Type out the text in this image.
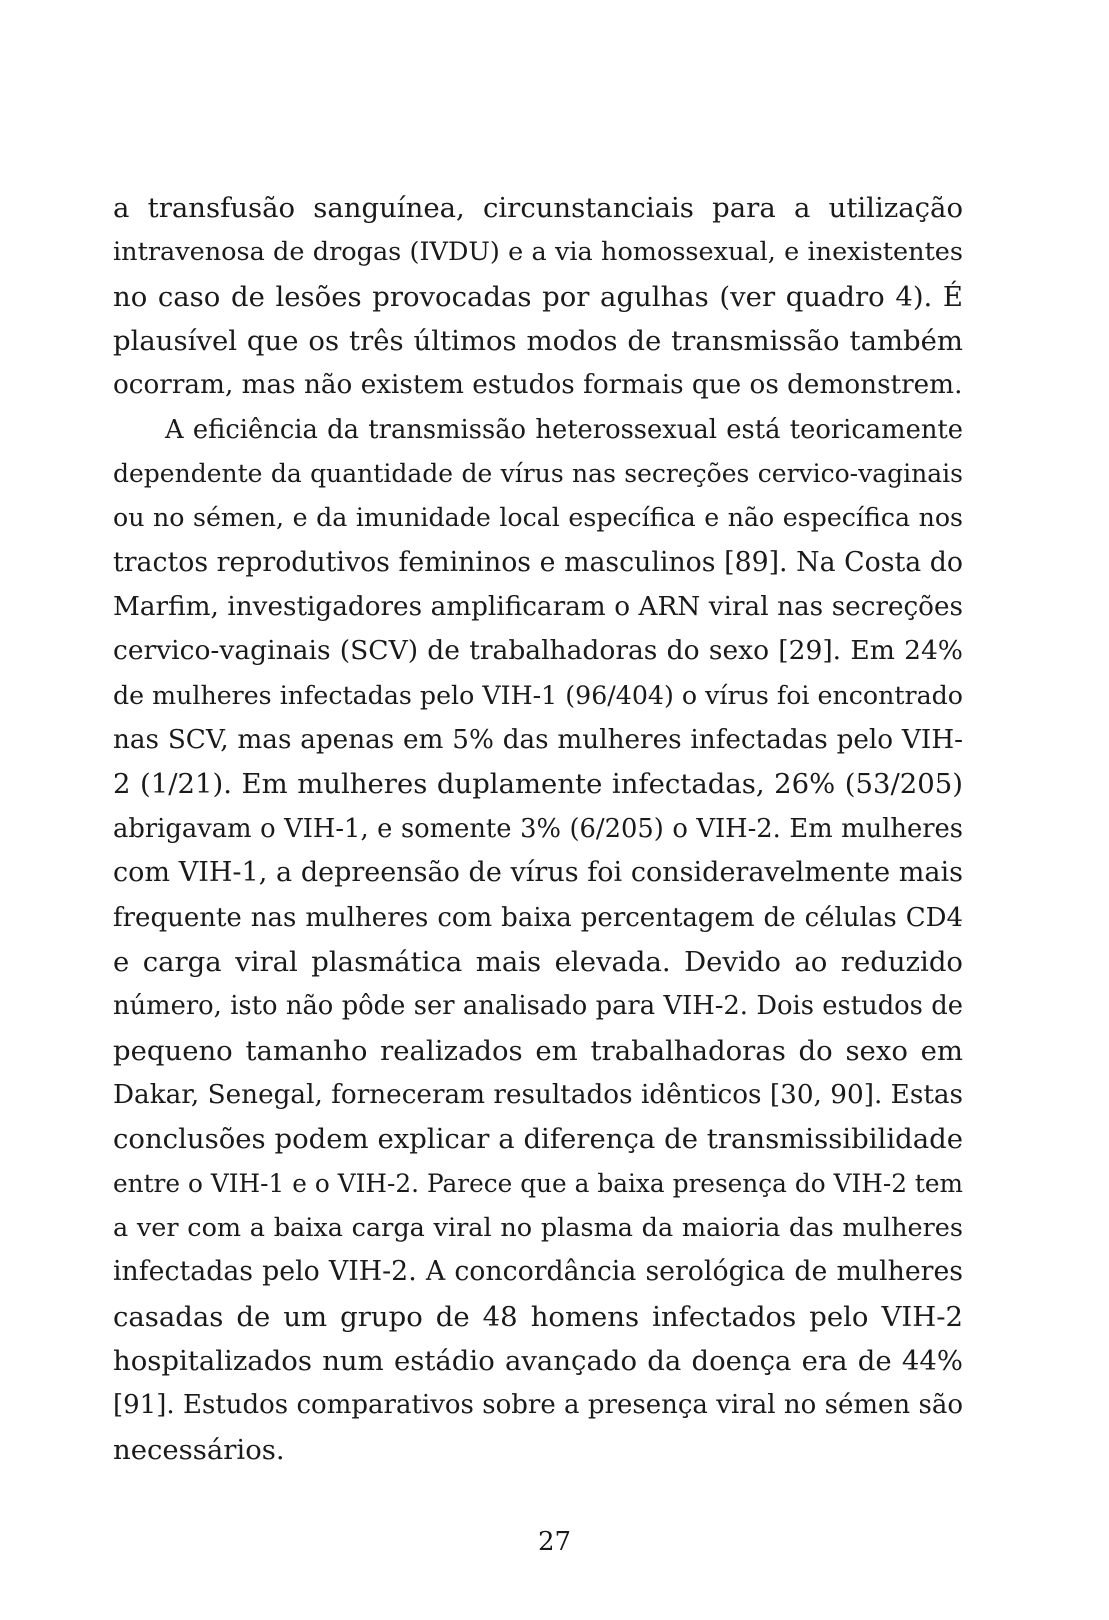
a transfusão sanguínea, circunstanciais para a utilização
intravenosa de drogas (IVDU) e a via homossexual, e inexistentes
no caso de lesões provocadas por agulhas (ver quadro 4). É
plausível que os três últimos modos de transmissão também
ocorram, mas não existem estudos formais que os demonstrem.
A eficiência da transmissão heterossexual está teoricamente
dependente da quantidade de vírus nas secreções cervico-vaginais
ou no sémen, e da imunidade local específica e não específica nos
tractos reprodutivos femininos e masculinos [89]. Na Costa do
Marfim, investigadores amplificaram o ARN viral nas secreções
cervico-vaginais (SCV) de trabalhadoras do sexo [29]. Em 24%
de mulheres infectadas pelo VIH-1 (96/404) o vírus foi encontrado
nas SCV, mas apenas em 5% das mulheres infectadas pelo VIH-
2 (1/21). Em mulheres duplamente infectadas, 26% (53/205)
abrigavam o VIH-1, e somente 3% (6/205) o VIH-2. Em mulheres
com VIH-1, a depreensão de vírus foi consideravelmente mais
frequente nas mulheres com baixa percentagem de células CD4
e carga viral plasmática mais elevada. Devido ao reduzido
número, isto não pôde ser analisado para VIH-2. Dois estudos de
pequeno tamanho realizados em trabalhadoras do sexo em
Dakar, Senegal, forneceram resultados idênticos [30, 90]. Estas
conclusões podem explicar a diferença de transmissibilidade
entre o VIH-1 e o VIH-2. Parece que a baixa presença do VIH-2 tem
a ver com a baixa carga viral no plasma da maioria das mulheres
infectadas pelo VIH-2. A concordância serológica de mulheres
casadas de um grupo de 48 homens infectados pelo VIH-2
hospitalizados num estádio avançado da doença era de 44%
[91]. Estudos comparativos sobre a presença viral no sémen são
necessários.
27
